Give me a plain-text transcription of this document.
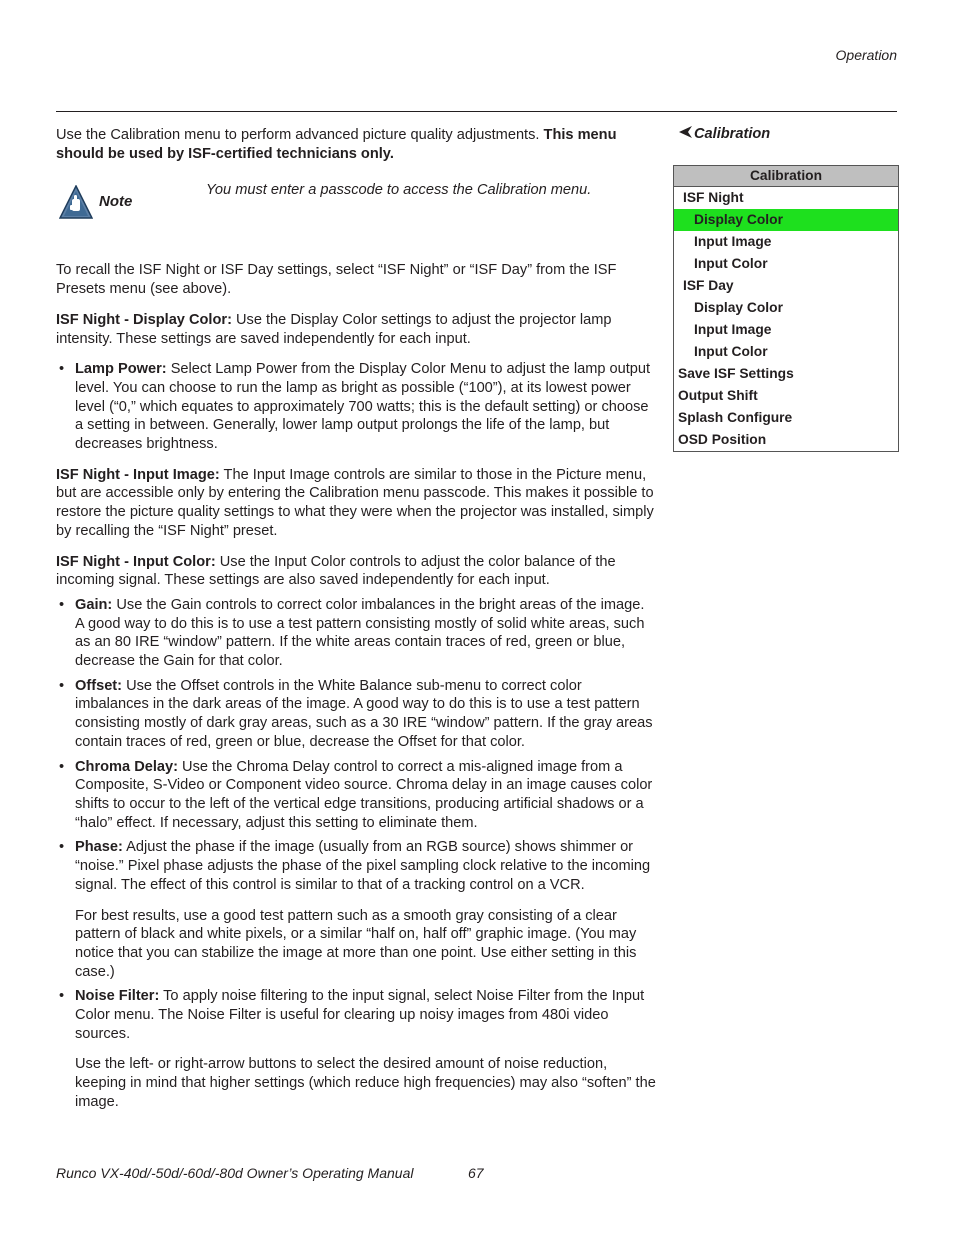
Operation

Use the Calibration menu to perform advanced picture quality adjustments. This menu should be used by ISF-certified technicians only.

Note
You must enter a passcode to access the Calibration menu.

To recall the ISF Night or ISF Day settings, select “ISF Night” or “ISF Day” from the ISF Presets menu (see above).

ISF Night - Display Color: Use the Display Color settings to adjust the projector lamp intensity. These settings are saved independently for each input.

• Lamp Power: Select Lamp Power from the Display Color Menu to adjust the lamp output level. You can choose to run the lamp as bright as possible (“100”), at its lowest power level (“0,” which equates to approximately 700 watts; this is the default setting) or choose a setting in between. Generally, lower lamp output prolongs the life of the lamp, but decreases brightness.

ISF Night - Input Image: The Input Image controls are similar to those in the Picture menu, but are accessible only by entering the Calibration menu passcode. This makes it possible to restore the picture quality settings to what they were when the projector was installed, simply by recalling the “ISF Night” preset.

ISF Night - Input Color: Use the Input Color controls to adjust the color balance of the incoming signal. These settings are also saved independently for each input.

• Gain: Use the Gain controls to correct color imbalances in the bright areas of the image. A good way to do this is to use a test pattern consisting mostly of solid white areas, such as an 80 IRE “window” pattern. If the white areas contain traces of red, green or blue, decrease the Gain for that color.
• Offset: Use the Offset controls in the White Balance sub-menu to correct color imbalances in the dark areas of the image. A good way to do this is to use a test pattern consisting mostly of dark gray areas, such as a 30 IRE “window” pattern. If the gray areas contain traces of red, green or blue, decrease the Offset for that color.
• Chroma Delay: Use the Chroma Delay control to correct a mis-aligned image from a Composite, S-Video or Component video source. Chroma delay in an image causes color shifts to occur to the left of the vertical edge transitions, producing artificial shadows or a “halo” effect. If necessary, adjust this setting to eliminate them.
• Phase: Adjust the phase if the image (usually from an RGB source) shows shimmer or “noise.” Pixel phase adjusts the phase of the pixel sampling clock relative to the incoming signal. The effect of this control is similar to that of a tracking control on a VCR.

For best results, use a good test pattern such as a smooth gray consisting of a clear pattern of black and white pixels, or a similar “half on, half off” graphic image. (You may notice that you can stabilize the image at more than one point. Use either setting in this case.)

• Noise Filter: To apply noise filtering to the input signal, select Noise Filter from the Input Color menu. The Noise Filter is useful for clearing up noisy images from 480i video sources.

Use the left- or right-arrow buttons to select the desired amount of noise reduction, keeping in mind that higher settings (which reduce high frequencies) may also “soften” the image.

Calibration
Calibration
ISF Night
Display Color
Input Image
Input Color
ISF Day
Display Color
Input Image
Input Color
Save ISF Settings
Output Shift
Splash Configure
OSD Position
Runco VX-40d/-50d/-60d/-80d Owner’s Operating Manual	67
